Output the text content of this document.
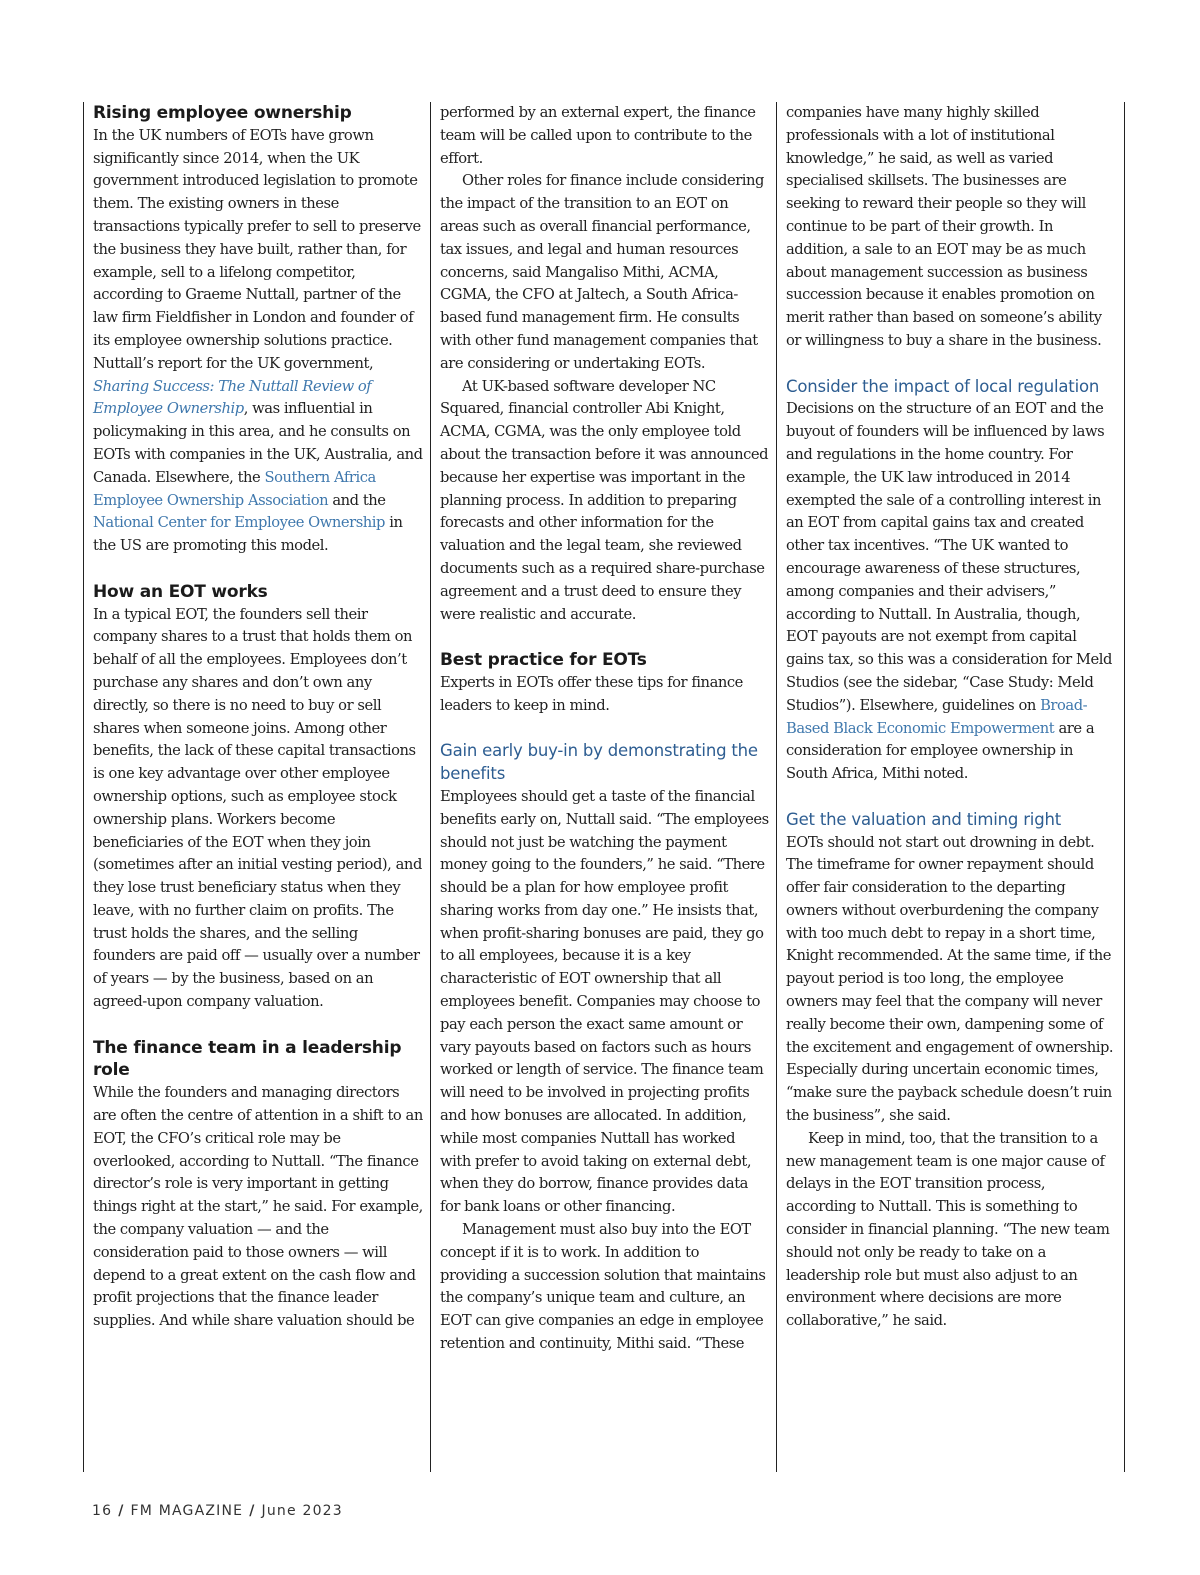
Rising employee ownership

In the UK numbers of EOTs have grown significantly since 2014, when the UK government introduced legislation to promote them. The existing owners in these transactions typically prefer to sell to preserve the business they have built, rather than, for example, sell to a lifelong competitor, according to Graeme Nuttall, partner of the law firm Fieldfisher in London and founder of its employee ownership solutions practice. Nuttall’s report for the UK government, Sharing Success: The Nuttall Review of Employee Ownership, was influential in policymaking in this area, and he consults on EOTs with companies in the UK, Australia, and Canada. Elsewhere, the Southern Africa Employee Ownership Association and the National Center for Employee Ownership in the US are promoting this model.

How an EOT works

In a typical EOT, the founders sell their company shares to a trust that holds them on behalf of all the employees. Employees don’t purchase any shares and don’t own any directly, so there is no need to buy or sell shares when someone joins. Among other benefits, the lack of these capital transactions is one key advantage over other employee ownership options, such as employee stock ownership plans. Workers become beneficiaries of the EOT when they join (sometimes after an initial vesting period), and they lose trust beneficiary status when they leave, with no further claim on profits. The trust holds the shares, and the selling founders are paid off — usually over a number of years — by the business, based on an agreed-upon company valuation.

The finance team in a leadership role

While the founders and managing directors are often the centre of attention in a shift to an EOT, the CFO’s critical role may be overlooked, according to Nuttall. “The finance director’s role is very important in getting things right at the start,” he said. For example, the company valuation — and the consideration paid to those owners — will depend to a great extent on the cash flow and profit projections that the finance leader supplies. And while share valuation should be

performed by an external expert, the finance team will be called upon to contribute to the effort.

Other roles for finance include considering the impact of the transition to an EOT on areas such as overall financial performance, tax issues, and legal and human resources concerns, said Mangaliso Mithi, ACMA, CGMA, the CFO at Jaltech, a South Africa-based fund management firm. He consults with other fund management companies that are considering or undertaking EOTs.

At UK-based software developer NC Squared, financial controller Abi Knight, ACMA, CGMA, was the only employee told about the transaction before it was announced because her expertise was important in the planning process. In addition to preparing forecasts and other information for the valuation and the legal team, she reviewed documents such as a required share-purchase agreement and a trust deed to ensure they were realistic and accurate.

Best practice for EOTs

Experts in EOTs offer these tips for finance leaders to keep in mind.

Gain early buy-in by demonstrating the benefits

Employees should get a taste of the financial benefits early on, Nuttall said. “The employees should not just be watching the payment money going to the founders,” he said. “There should be a plan for how employee profit sharing works from day one.” He insists that, when profit-sharing bonuses are paid, they go to all employees, because it is a key characteristic of EOT ownership that all employees benefit. Companies may choose to pay each person the exact same amount or vary payouts based on factors such as hours worked or length of service. The finance team will need to be involved in projecting profits and how bonuses are allocated. In addition, while most companies Nuttall has worked with prefer to avoid taking on external debt, when they do borrow, finance provides data for bank loans or other financing.

Management must also buy into the EOT concept if it is to work. In addition to providing a succession solution that maintains the company’s unique team and culture, an EOT can give companies an edge in employee retention and continuity, Mithi said. “These

companies have many highly skilled professionals with a lot of institutional knowledge,” he said, as well as varied specialised skillsets. The businesses are seeking to reward their people so they will continue to be part of their growth. In addition, a sale to an EOT may be as much about management succession as business succession because it enables promotion on merit rather than based on someone’s ability or willingness to buy a share in the business.

Consider the impact of local regulation

Decisions on the structure of an EOT and the buyout of founders will be influenced by laws and regulations in the home country. For example, the UK law introduced in 2014 exempted the sale of a controlling interest in an EOT from capital gains tax and created other tax incentives. “The UK wanted to encourage awareness of these structures, among companies and their advisers,” according to Nuttall. In Australia, though, EOT payouts are not exempt from capital gains tax, so this was a consideration for Meld Studios (see the sidebar, “Case Study: Meld Studios”). Elsewhere, guidelines on Broad-Based Black Economic Empowerment are a consideration for employee ownership in South Africa, Mithi noted.

Get the valuation and timing right

EOTs should not start out drowning in debt. The timeframe for owner repayment should offer fair consideration to the departing owners without overburdening the company with too much debt to repay in a short time, Knight recommended. At the same time, if the payout period is too long, the employee owners may feel that the company will never really become their own, dampening some of the excitement and engagement of ownership. Especially during uncertain economic times, “make sure the payback schedule doesn’t ruin the business”, she said.

Keep in mind, too, that the transition to a new management team is one major cause of delays in the EOT transition process, according to Nuttall. This is something to consider in financial planning. “The new team should not only be ready to take on a leadership role but must also adjust to an environment where decisions are more collaborative,” he said.

16 / FM MAGAZINE / June 2023
